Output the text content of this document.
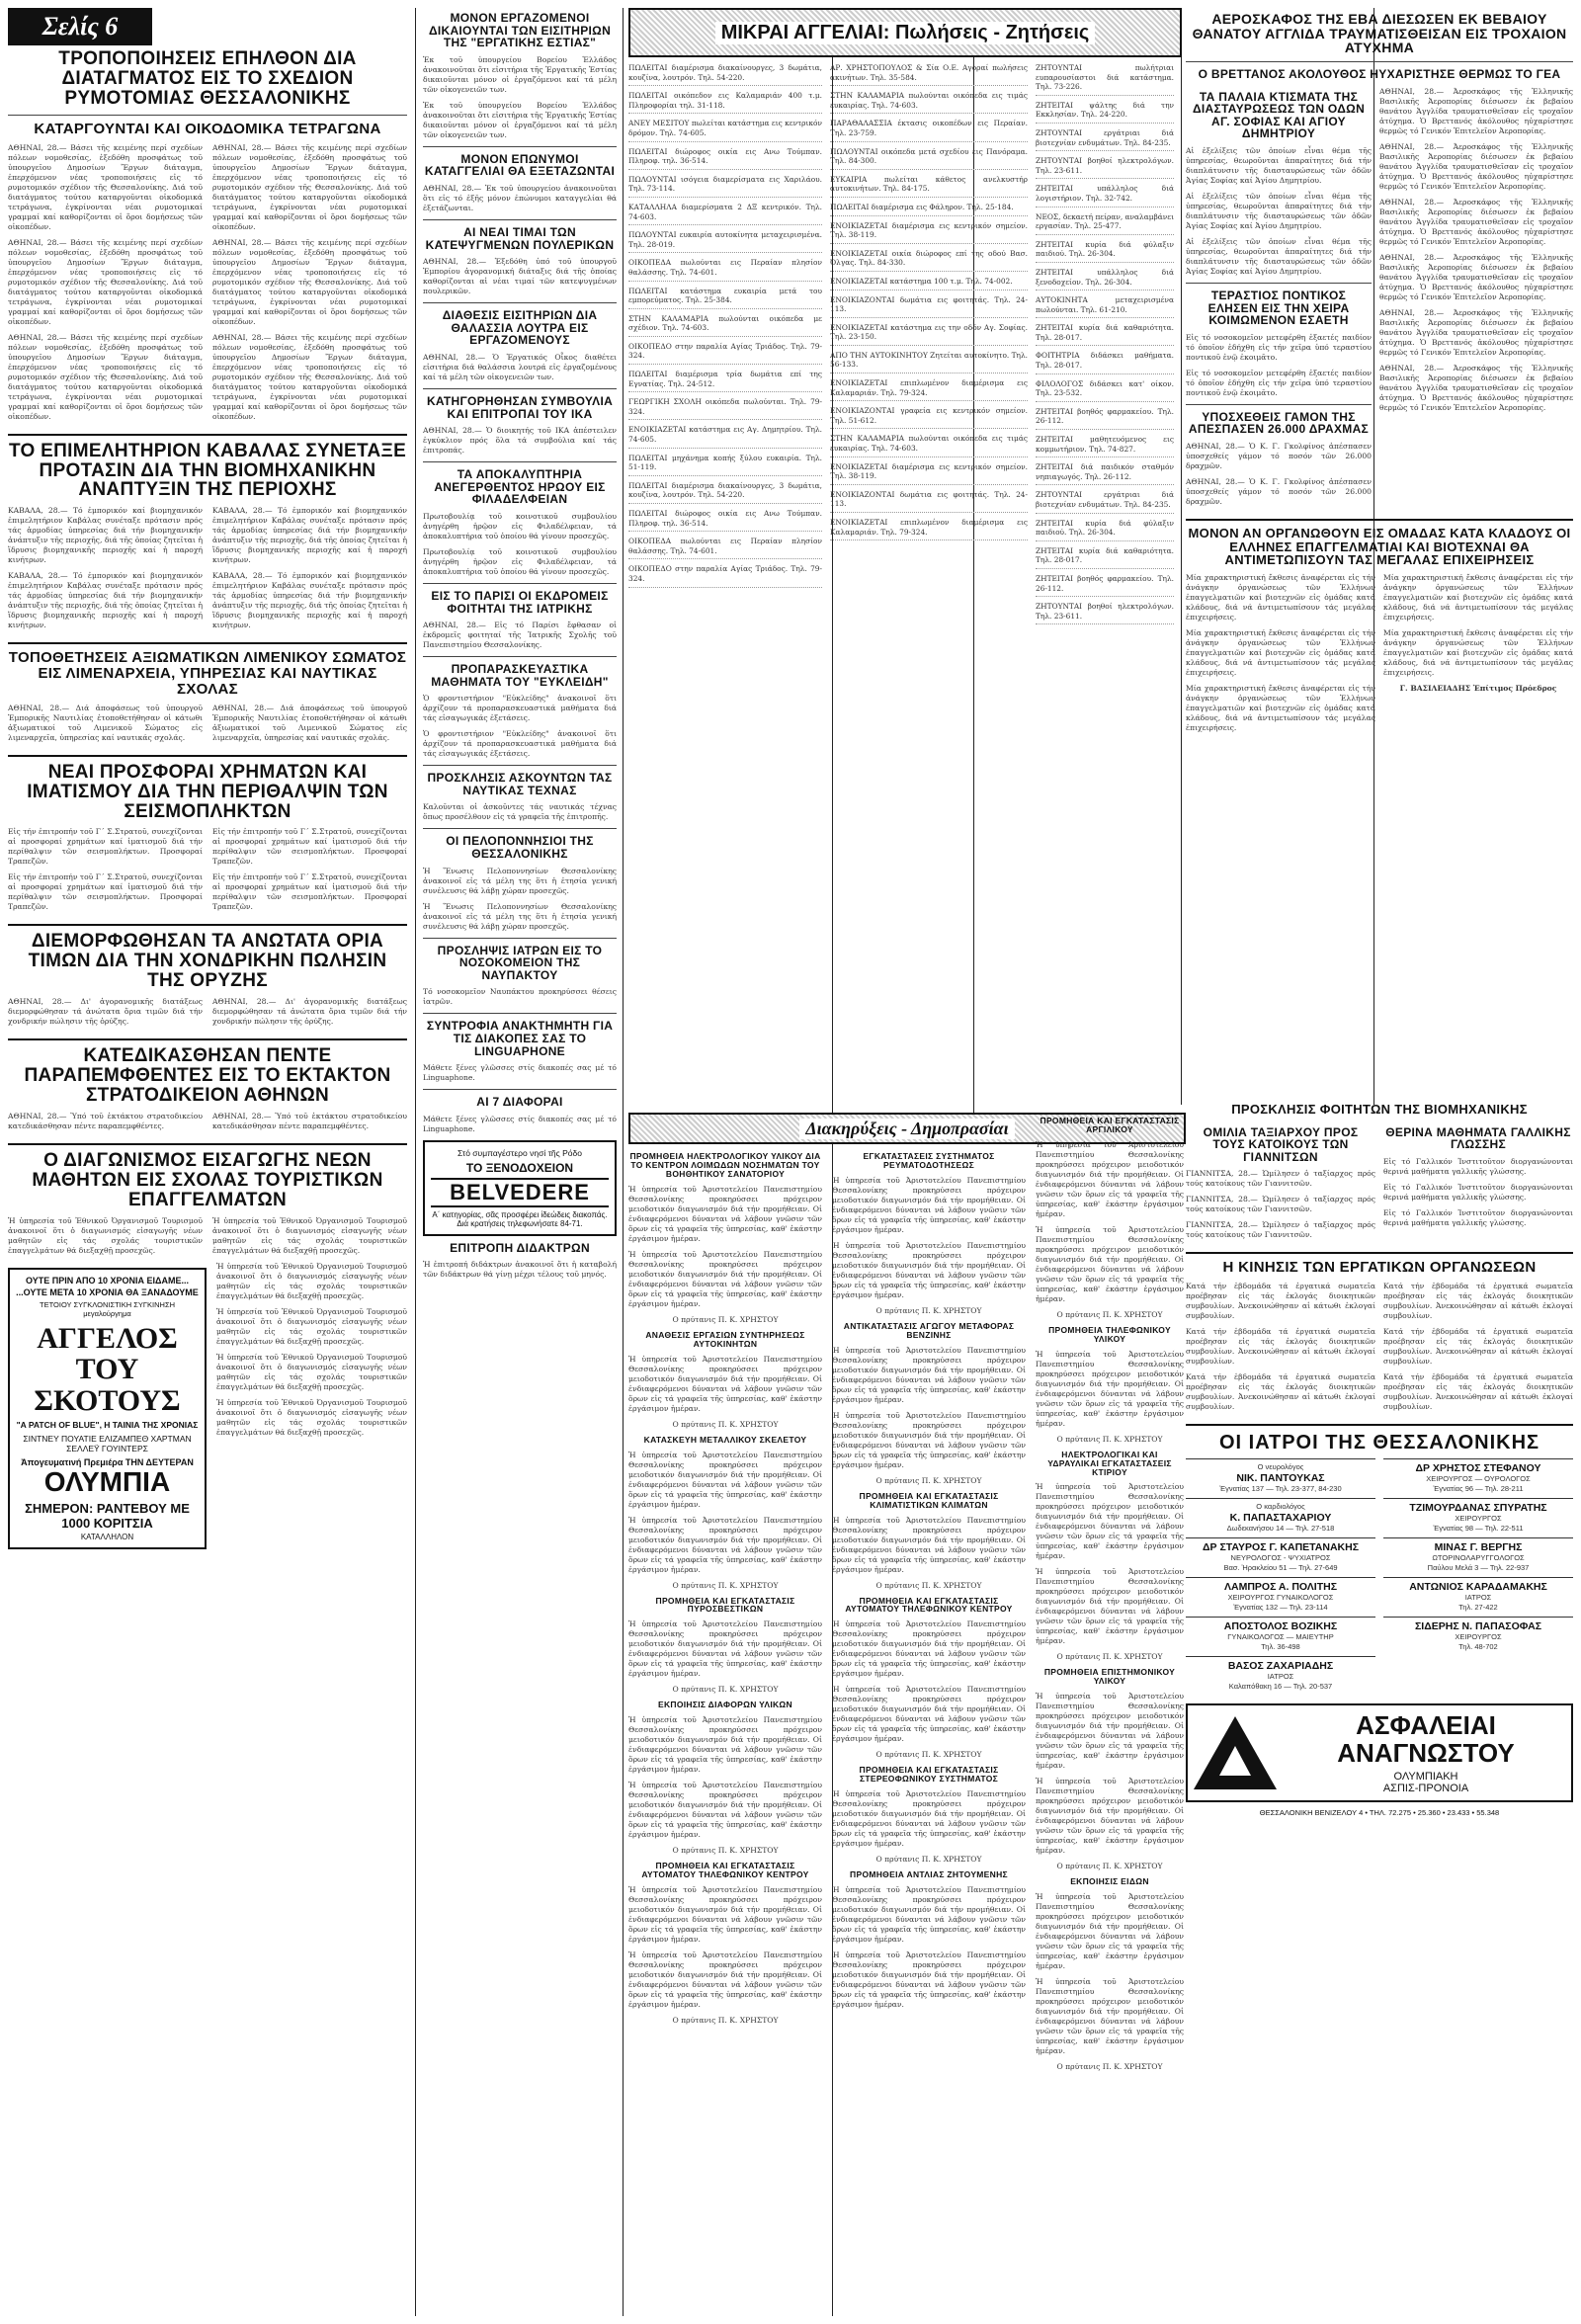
Σελίς 6
ΤΡΟΠΟΠΟΙΗΣΕΙΣ ΕΠΗΛΘΟΝ ΔΙΑ ΔΙΑΤΑΓΜΑΤΟΣ ΕΙΣ ΤΟ ΣΧΕΔΙΟΝ ΡΥΜΟΤΟΜΙΑΣ ΘΕΣΣΑΛΟΝΙΚΗΣ
ΚΑΤΑΡΓΟΥΝΤΑΙ ΚΑΙ ΟΙΚΟΔΟΜΙΚΑ ΤΕΤΡΑΓΩΝΑ

ΑΘΗΝΑΙ, 28.— Βάσει τῆς κειμένης περί σχεδίων πόλεων νομοθεσίας, ἐξεδόθη προσφάτως τοῦ ὑπουργεῖου Δημοσίων Ἔργων διάταγμα, ἐπερχόμενον νέας τροποποιήσεις εἰς τό ρυμοτομικόν σχέδιον τῆς Θεσσαλονίκης. Διά τοῦ διατάγματος τούτου καταργοῦνται οἰκοδομικά τετράγωνα, ἐγκρίνονται νέαι ρυμοτομικαί γραμμαί καί καθορίζονται οἱ ὅροι δομήσεως τῶν οἰκοπέδων.

ΑΘΗΝΑΙ, 28.— Βάσει τῆς κειμένης περί σχεδίων πόλεων νομοθεσίας, ἐξεδόθη προσφάτως τοῦ ὑπουργεῖου Δημοσίων Ἔργων διάταγμα, ἐπερχόμενον νέας τροποποιήσεις εἰς τό ρυμοτομικόν σχέδιον τῆς Θεσσαλονίκης. Διά τοῦ διατάγματος τούτου καταργοῦνται οἰκοδομικά τετράγωνα, ἐγκρίνονται νέαι ρυμοτομικαί γραμμαί καί καθορίζονται οἱ ὅροι δομήσεως τῶν οἰκοπέδων.

ΑΘΗΝΑΙ, 28.— Βάσει τῆς κειμένης περί σχεδίων πόλεων νομοθεσίας, ἐξεδόθη προσφάτως τοῦ ὑπουργεῖου Δημοσίων Ἔργων διάταγμα, ἐπερχόμενον νέας τροποποιήσεις εἰς τό ρυμοτομικόν σχέδιον τῆς Θεσσαλονίκης. Διά τοῦ διατάγματος τούτου καταργοῦνται οἰκοδομικά τετράγωνα, ἐγκρίνονται νέαι ρυμοτομικαί γραμμαί καί καθορίζονται οἱ ὅροι δομήσεως τῶν οἰκοπέδων.

ΑΘΗΝΑΙ, 28.— Βάσει τῆς κειμένης περί σχεδίων πόλεων νομοθεσίας, ἐξεδόθη προσφάτως τοῦ ὑπουργεῖου Δημοσίων Ἔργων διάταγμα, ἐπερχόμενον νέας τροποποιήσεις εἰς τό ρυμοτομικόν σχέδιον τῆς Θεσσαλονίκης. Διά τοῦ διατάγματος τούτου καταργοῦνται οἰκοδομικά τετράγωνα, ἐγκρίνονται νέαι ρυμοτομικαί γραμμαί καί καθορίζονται οἱ ὅροι δομήσεως τῶν οἰκοπέδων.

ΑΘΗΝΑΙ, 28.— Βάσει τῆς κειμένης περί σχεδίων πόλεων νομοθεσίας, ἐξεδόθη προσφάτως τοῦ ὑπουργεῖου Δημοσίων Ἔργων διάταγμα, ἐπερχόμενον νέας τροποποιήσεις εἰς τό ρυμοτομικόν σχέδιον τῆς Θεσσαλονίκης. Διά τοῦ διατάγματος τούτου καταργοῦνται οἰκοδομικά τετράγωνα, ἐγκρίνονται νέαι ρυμοτομικαί γραμμαί καί καθορίζονται οἱ ὅροι δομήσεως τῶν οἰκοπέδων.

ΑΘΗΝΑΙ, 28.— Βάσει τῆς κειμένης περί σχεδίων πόλεων νομοθεσίας, ἐξεδόθη προσφάτως τοῦ ὑπουργεῖου Δημοσίων Ἔργων διάταγμα, ἐπερχόμενον νέας τροποποιήσεις εἰς τό ρυμοτομικόν σχέδιον τῆς Θεσσαλονίκης. Διά τοῦ διατάγματος τούτου καταργοῦνται οἰκοδομικά τετράγωνα, ἐγκρίνονται νέαι ρυμοτομικαί γραμμαί καί καθορίζονται οἱ ὅροι δομήσεως τῶν οἰκοπέδων.

ΤΟ ΕΠΙΜΕΛΗΤΗΡΙΟΝ ΚΑΒΑΛΑΣ ΣΥΝΕΤΑΞΕ ΠΡΟΤΑΣΙΝ ΔΙΑ ΤΗΝ ΒΙΟΜΗΧΑΝΙΚΗΝ ΑΝΑΠΤΥΞΙΝ ΤΗΣ ΠΕΡΙΟΧΗΣ

ΚΑΒΑΛΑ, 28.— Τό ἐμπορικόν καί βιομηχανικόν ἐπιμελητήριον Καβάλας συνέταξε πρότασιν πρός τάς ἁρμοδίας ὑπηρεσίας διά τήν βιομηχανικήν ἀνάπτυξιν τῆς περιοχῆς, διά τῆς ὁποίας ζητεῖται ἡ ἵδρυσις βιομηχανικῆς περιοχῆς καί ἡ παροχή κινήτρων.

ΚΑΒΑΛΑ, 28.— Τό ἐμπορικόν καί βιομηχανικόν ἐπιμελητήριον Καβάλας συνέταξε πρότασιν πρός τάς ἁρμοδίας ὑπηρεσίας διά τήν βιομηχανικήν ἀνάπτυξιν τῆς περιοχῆς, διά τῆς ὁποίας ζητεῖται ἡ ἵδρυσις βιομηχανικῆς περιοχῆς καί ἡ παροχή κινήτρων.

ΚΑΒΑΛΑ, 28.— Τό ἐμπορικόν καί βιομηχανικόν ἐπιμελητήριον Καβάλας συνέταξε πρότασιν πρός τάς ἁρμοδίας ὑπηρεσίας διά τήν βιομηχανικήν ἀνάπτυξιν τῆς περιοχῆς, διά τῆς ὁποίας ζητεῖται ἡ ἵδρυσις βιομηχανικῆς περιοχῆς καί ἡ παροχή κινήτρων.

ΚΑΒΑΛΑ, 28.— Τό ἐμπορικόν καί βιομηχανικόν ἐπιμελητήριον Καβάλας συνέταξε πρότασιν πρός τάς ἁρμοδίας ὑπηρεσίας διά τήν βιομηχανικήν ἀνάπτυξιν τῆς περιοχῆς, διά τῆς ὁποίας ζητεῖται ἡ ἵδρυσις βιομηχανικῆς περιοχῆς καί ἡ παροχή κινήτρων.

ΤΟΠΟΘΕΤΗΣΕΙΣ ΑΞΙΩΜΑΤΙΚΩΝ ΛΙΜΕΝΙΚΟΥ ΣΩΜΑΤΟΣ ΕΙΣ ΛΙΜΕΝΑΡΧΕΙΑ, ΥΠΗΡΕΣΙΑΣ ΚΑΙ ΝΑΥΤΙΚΑΣ ΣΧΟΛΑΣ

ΑΘΗΝΑΙ, 28.— Διά ἀποφάσεως τοῦ ὑπουργοῦ Ἐμπορικῆς Ναυτιλίας ἐτοποθετήθησαν οἱ κάτωθι ἀξιωματικοί τοῦ Λιμενικοῦ Σώματος εἰς λιμεναρχεῖα, ὑπηρεσίας καί ναυτικάς σχολάς.

ΑΘΗΝΑΙ, 28.— Διά ἀποφάσεως τοῦ ὑπουργοῦ Ἐμπορικῆς Ναυτιλίας ἐτοποθετήθησαν οἱ κάτωθι ἀξιωματικοί τοῦ Λιμενικοῦ Σώματος εἰς λιμεναρχεῖα, ὑπηρεσίας καί ναυτικάς σχολάς.

ΝΕΑΙ ΠΡΟΣΦΟΡΑΙ ΧΡΗΜΑΤΩΝ ΚΑΙ ΙΜΑΤΙΣΜΟΥ ΔΙΑ ΤΗΝ ΠΕΡΙΘΑΛΨΙΝ ΤΩΝ ΣΕΙΣΜΟΠΛΗΚΤΩΝ

Εἰς τήν ἐπιτροπήν τοῦ Γ΄ Σ.Στρατοῦ, συνεχίζονται αἱ προσφοραί χρημάτων καί ἱματισμοῦ διά τήν περίθαλψιν τῶν σεισμοπλήκτων. Προσφοραί Τραπεζῶν.

Εἰς τήν ἐπιτροπήν τοῦ Γ΄ Σ.Στρατοῦ, συνεχίζονται αἱ προσφοραί χρημάτων καί ἱματισμοῦ διά τήν περίθαλψιν τῶν σεισμοπλήκτων. Προσφοραί Τραπεζῶν.

Εἰς τήν ἐπιτροπήν τοῦ Γ΄ Σ.Στρατοῦ, συνεχίζονται αἱ προσφοραί χρημάτων καί ἱματισμοῦ διά τήν περίθαλψιν τῶν σεισμοπλήκτων. Προσφοραί Τραπεζῶν.

Εἰς τήν ἐπιτροπήν τοῦ Γ΄ Σ.Στρατοῦ, συνεχίζονται αἱ προσφοραί χρημάτων καί ἱματισμοῦ διά τήν περίθαλψιν τῶν σεισμοπλήκτων. Προσφοραί Τραπεζῶν.

ΔΙΕΜΟΡΦΩΘΗΣΑΝ ΤΑ ΑΝΩΤΑΤΑ ΟΡΙΑ ΤΙΜΩΝ ΔΙΑ ΤΗΝ ΧΟΝΔΡΙΚΗΝ ΠΩΛΗΣΙΝ ΤΗΣ ΟΡΥΖΗΣ

ΑΘΗΝΑΙ, 28.— Δι' ἀγορανομικῆς διατάξεως διεμορφώθησαν τά ἀνώτατα ὅρια τιμῶν διά τήν χονδρικήν πώλησιν τῆς ὀρύζης.

ΑΘΗΝΑΙ, 28.— Δι' ἀγορανομικῆς διατάξεως διεμορφώθησαν τά ἀνώτατα ὅρια τιμῶν διά τήν χονδρικήν πώλησιν τῆς ὀρύζης.

ΚΑΤΕΔΙΚΑΣΘΗΣΑΝ ΠΕΝΤΕ ΠΑΡΑΠΕΜΦΘΕΝΤΕΣ ΕΙΣ ΤΟ ΕΚΤΑΚΤΟΝ ΣΤΡΑΤΟΔΙΚΕΙΟΝ ΑΘΗΝΩΝ

ΑΘΗΝΑΙ, 28.— Ὑπό τοῦ ἐκτάκτου στρατοδικείου κατεδικάσθησαν πέντε παραπεμφθέντες.

ΑΘΗΝΑΙ, 28.— Ὑπό τοῦ ἐκτάκτου στρατοδικείου κατεδικάσθησαν πέντε παραπεμφθέντες.

Ο ΔΙΑΓΩΝΙΣΜΟΣ ΕΙΣΑΓΩΓΗΣ ΝΕΩΝ ΜΑΘΗΤΩΝ ΕΙΣ ΣΧΟΛΑΣ ΤΟΥΡΙΣΤΙΚΩΝ ΕΠΑΓΓΕΛΜΑΤΩΝ

Ἡ ὑπηρεσία τοῦ Ἐθνικοῦ Ὀργανισμοῦ Τουρισμοῦ ἀνακοινοῖ ὅτι ὁ διαγωνισμός εἰσαγωγῆς νέων μαθητῶν εἰς τάς σχολάς τουριστικῶν ἐπαγγελμάτων θά διεξαχθῇ προσεχῶς.

Ἡ ὑπηρεσία τοῦ Ἐθνικοῦ Ὀργανισμοῦ Τουρισμοῦ ἀνακοινοῖ ὅτι ὁ διαγωνισμός εἰσαγωγῆς νέων μαθητῶν εἰς τάς σχολάς τουριστικῶν ἐπαγγελμάτων θά διεξαχθῇ προσεχῶς.

ΟΥΤΕ ΠΡΙΝ ΑΠΟ 10 ΧΡΟΝΙΑ ΕΙΔΑΜΕ...
...ΟΥΤΕ ΜΕΤΑ 10 ΧΡΟΝΙΑ ΘΑ ΞΑΝΑΔΟΥΜΕ
ΤΕΤΟΙΟΥ ΣΥΓΚΛΟΝΙΣΤΙΚΗ ΣΥΓΚΙΝΗΣΗ μεγαλούργημα
ΑΓΓΕΛΟΣ
ΤΟΥ ΣΚΟΤΟΥΣ
"A PATCH OF BLUE", Η ΤΑΙΝΙΑ ΤΗΣ ΧΡΟΝΙΑΣ
ΣΙΝΤΝΕΥ ΠΟΥΑΤΙΕ ΕΛΙΖΑΜΠΕΘ ΧΑΡΤΜΑΝ ΣΕΛΛΕΫ ΓΟΥΙΝΤΕΡΣ
Ἀπογευματινή Πρεμιέρα ΤΗΝ ΔΕΥΤΕΡΑΝ
ΟΛΥΜΠΙΑ
ΣΗΜΕΡΟΝ: ΡΑΝΤΕΒΟΥ ΜΕ 1000 ΚΟΡΙΤΣΙΑ
ΚΑΤΑΛΛΗΛΟΝ

Ἡ ὑπηρεσία τοῦ Ἐθνικοῦ Ὀργανισμοῦ Τουρισμοῦ ἀνακοινοῖ ὅτι ὁ διαγωνισμός εἰσαγωγῆς νέων μαθητῶν εἰς τάς σχολάς τουριστικῶν ἐπαγγελμάτων θά διεξαχθῇ προσεχῶς.

Ἡ ὑπηρεσία τοῦ Ἐθνικοῦ Ὀργανισμοῦ Τουρισμοῦ ἀνακοινοῖ ὅτι ὁ διαγωνισμός εἰσαγωγῆς νέων μαθητῶν εἰς τάς σχολάς τουριστικῶν ἐπαγγελμάτων θά διεξαχθῇ προσεχῶς.

Ἡ ὑπηρεσία τοῦ Ἐθνικοῦ Ὀργανισμοῦ Τουρισμοῦ ἀνακοινοῖ ὅτι ὁ διαγωνισμός εἰσαγωγῆς νέων μαθητῶν εἰς τάς σχολάς τουριστικῶν ἐπαγγελμάτων θά διεξαχθῇ προσεχῶς.

Ἡ ὑπηρεσία τοῦ Ἐθνικοῦ Ὀργανισμοῦ Τουρισμοῦ ἀνακοινοῖ ὅτι ὁ διαγωνισμός εἰσαγωγῆς νέων μαθητῶν εἰς τάς σχολάς τουριστικῶν ἐπαγγελμάτων θά διεξαχθῇ προσεχῶς.

ΜΟΝΟΝ ΕΡΓΑΖΟΜΕΝΟΙ ΔΙΚΑΙΟΥΝΤΑΙ ΤΩΝ ΕΙΣΙΤΗΡΙΩΝ ΤΗΣ "ΕΡΓΑΤΙΚΗΣ ΕΣΤΙΑΣ"

Ἐκ τοῦ ὑπουργείου Βορείου Ἑλλάδος ἀνακοινοῦται ὅτι εἰσιτήρια τῆς Ἐργατικῆς Ἑστίας δικαιοῦνται μόνον οἱ ἐργαζόμενοι καί τά μέλη τῶν οἰκογενειῶν των.

Ἐκ τοῦ ὑπουργείου Βορείου Ἑλλάδος ἀνακοινοῦται ὅτι εἰσιτήρια τῆς Ἐργατικῆς Ἑστίας δικαιοῦνται μόνον οἱ ἐργαζόμενοι καί τά μέλη τῶν οἰκογενειῶν των.

ΜΟΝΟΝ ΕΠΩΝΥΜΟΙ ΚΑΤΑΓΓΕΛΙΑΙ ΘΑ ΕΞΕΤΑΖΩΝΤΑΙ

ΑΘΗΝΑΙ, 28.— Ἐκ τοῦ ὑπουργείου ἀνακοινοῦται ὅτι εἰς τό ἑξῆς μόνον ἐπώνυμοι καταγγελίαι θά ἐξετάζωνται.

ΑΙ ΝΕΑΙ ΤΙΜΑΙ ΤΩΝ ΚΑΤΕΨΥΓΜΕΝΩΝ ΠΟΥΛΕΡΙΚΩΝ

ΑΘΗΝΑΙ, 28.— Ἐξεδόθη ὑπό τοῦ ὑπουργοῦ Ἐμπορίου ἀγορανομική διάταξις διά τῆς ὁποίας καθορίζονται αἱ νέαι τιμαί τῶν κατεψυγμένων πουλερικῶν.

ΔΙΑΘΕΣΙΣ ΕΙΣΙΤΗΡΙΩΝ ΔΙΑ ΘΑΛΑΣΣΙΑ ΛΟΥΤΡΑ ΕΙΣ ΕΡΓΑΖΟΜΕΝΟΥΣ

ΑΘΗΝΑΙ, 28.— Ὁ Ἐργατικός Οἶκος διαθέτει εἰσιτήρια διά θαλάσσια λουτρά εἰς ἐργαζομένους καί τά μέλη τῶν οἰκογενειῶν των.

ΚΑΤΗΓΟΡΗΘΗΣΑΝ ΣΥΜΒΟΥΛΙΑ ΚΑΙ ΕΠΙΤΡΟΠΑΙ ΤΟΥ ΙΚΑ

ΑΘΗΝΑΙ, 28.— Ὁ διοικητής τοῦ ΙΚΑ ἀπέστειλεν ἐγκύκλιον πρός ὅλα τά συμβούλια καί τάς ἐπιτροπάς.

ΤΑ ΑΠΟΚΑΛΥΠΤΗΡΙΑ ΑΝΕΓΕΡΘΕΝΤΟΣ ΗΡΩΟΥ ΕΙΣ ΦΙΛΑΔΕΛΦΕΙΑΝ

Πρωτοβουλίᾳ τοῦ κοινοτικοῦ συμβουλίου ἀνηγέρθη ἡρῷον εἰς Φιλαδέλφειαν, τά ἀποκαλυπτήρια τοῦ ὁποίου θά γίνουν προσεχῶς.

Πρωτοβουλίᾳ τοῦ κοινοτικοῦ συμβουλίου ἀνηγέρθη ἡρῷον εἰς Φιλαδέλφειαν, τά ἀποκαλυπτήρια τοῦ ὁποίου θά γίνουν προσεχῶς.

ΕΙΣ ΤΟ ΠΑΡΙΣΙ ΟΙ ΕΚΔΡΟΜΕΙΣ ΦΟΙΤΗΤΑΙ ΤΗΣ ΙΑΤΡΙΚΗΣ

ΑΘΗΝΑΙ, 28.— Εἰς τό Παρίσι ἔφθασαν οἱ ἐκδρομεῖς φοιτηταί τῆς Ἰατρικῆς Σχολῆς τοῦ Πανεπιστημίου Θεσσαλονίκης.

ΠΡΟΠΑΡΑΣΚΕΥΑΣΤΙΚΑ ΜΑΘΗΜΑΤΑ ΤΟΥ "ΕΥΚΛΕΙΔΗ"

Ὁ φροντιστήριον "Εὐκλείδης" ἀνακοινοῖ ὅτι ἀρχίζουν τά προπαρασκευαστικά μαθήματα διά τάς εἰσαγωγικάς ἐξετάσεις.

Ὁ φροντιστήριον "Εὐκλείδης" ἀνακοινοῖ ὅτι ἀρχίζουν τά προπαρασκευαστικά μαθήματα διά τάς εἰσαγωγικάς ἐξετάσεις.

ΠΡΟΣΚΛΗΣΙΣ ΑΣΚΟΥΝΤΩΝ ΤΑΣ ΝΑΥΤΙΚΑΣ ΤΕΧΝΑΣ

Καλοῦνται οἱ ἀσκοῦντες τάς ναυτικάς τέχνας ὅπως προσέλθουν εἰς τά γραφεῖα τῆς ἐπιτροπῆς.

ΟΙ ΠΕΛΟΠΟΝΝΗΣΙΟΙ ΤΗΣ ΘΕΣΣΑΛΟΝΙΚΗΣ

Ἡ Ἕνωσις Πελοποννησίων Θεσσαλονίκης ἀνακοινοῖ εἰς τά μέλη της ὅτι ἡ ἐτησία γενική συνέλευσις θά λάβῃ χώραν προσεχῶς.

Ἡ Ἕνωσις Πελοποννησίων Θεσσαλονίκης ἀνακοινοῖ εἰς τά μέλη της ὅτι ἡ ἐτησία γενική συνέλευσις θά λάβῃ χώραν προσεχῶς.

ΠΡΟΣΛΗΨΙΣ ΙΑΤΡΩΝ ΕΙΣ ΤΟ ΝΟΣΟΚΟΜΕΙΟΝ ΤΗΣ ΝΑΥΠΑΚΤΟΥ

Τό νοσοκομεῖον Ναυπάκτου προκηρύσσει θέσεις ἰατρῶν.

ΣΥΝΤΡΟΦΙΑ ΑΝΑΚΤΗΜΗΤΗ ΓΙΑ ΤΙΣ ΔΙΑΚΟΠΕΣ ΣΑΣ ΤΟ LINGUAPHONE

Μάθετε ξένες γλῶσσες στίς διακοπές σας μέ τό Linguaphone.

ΑΙ 7 ΔΙΑΦΟΡΑΙ

Μάθετε ξένες γλῶσσες στίς διακοπές σας μέ τό Linguaphone.

Στό συμπαγέστερο νησί τῆς Ρόδο
ΤΟ ΞΕΝΟΔΟΧΕΙΟΝ
BELVEDERE
Α΄ κατηγορίας, σᾶς προσφέρει ἰδεώδεις διακοπάς. Διά κρατήσεις τηλεφωνήσατε 84-71.
ΕΠΙΤΡΟΠΗ ΔΙΔΑΚΤΡΩΝ

Ἡ ἐπιτροπή διδάκτρων ἀνακοινοῖ ὅτι ἡ καταβολή τῶν διδάκτρων θά γίνῃ μέχρι τέλους τοῦ μηνός.

ΜΙΚΡΑΙ ΑΓΓΕΛΙΑΙ: Πωλήσεις - Ζητήσεις

ΠΩΛΕΙΤΑΙ διαμέρισμα διακαίνουργες, 3 δωμάτια, κουζίνα, λουτρόν. Τηλ. 54-220.

ΠΩΛΕΙΤΑΙ οικόπεδον εις Καλαμαριάν 400 τ.μ. Πληροφορίαι τηλ. 31-118.

ΑΝΕΥ ΜΕΣΙΤΟΥ πωλείται κατάστημα εις κεντρικόν δρόμον. Τηλ. 74-605.

ΠΩΛΕΙΤΑΙ διώροφος οικία εις Ανω Τούμπαν. Πληροφ. τηλ. 36-514.

ΠΩΛΟΥΝΤΑΙ ισόγεια διαμερίσματα εις Χαριλάου. Τηλ. 73-114.

ΚΑΤΑΛΛΗΛΑ διαμερίσματα 2 ΔΞ κεντρικόν. Τηλ. 74-603.

ΠΩΛΟΥΝΤΑΙ ευκαιρία αυτοκίνητα μεταχειρισμένα. Τηλ. 28-019.

ΟΙΚΟΠΕΔΑ πωλούνται εις Περαίαν πλησίον θαλάσσης. Τηλ. 74-601.

ΠΩΛΕΙΤΑΙ κατάστημα ευκαιρία μετά του εμπορεύματος. Τηλ. 25-384.

ΣΤΗΝ ΚΑΛΑΜΑΡΙΑ πωλούνται οικόπεδα με σχέδιον. Τηλ. 74-603.

ΟΙΚΟΠΕΔΟ στην παραλία Αγίας Τριάδος. Τηλ. 79-324.

ΠΩΛΕΙΤΑΙ διαμέρισμα τρία δωμάτια επί της Εγνατίας. Τηλ. 24-512.

ΓΕΩΡΓΙΚΗ ΣΧΟΛΗ οικόπεδα πωλούνται. Τηλ. 79-324.

ΕΝΟΙΚΙΑΖΕΤΑΙ κατάστημα εις Αγ. Δημητρίου. Τηλ. 74-605.

ΠΩΛΕΙΤΑΙ μηχάνημα κοπής ξύλου ευκαιρία. Τηλ. 51-119.

ΠΩΛΕΙΤΑΙ διαμέρισμα διακαίνουργες, 3 δωμάτια, κουζίνα, λουτρόν. Τηλ. 54-220.

ΠΩΛΕΙΤΑΙ διώροφος οικία εις Ανω Τούμπαν. Πληροφ. τηλ. 36-514.

ΟΙΚΟΠΕΔΑ πωλούνται εις Περαίαν πλησίον θαλάσσης. Τηλ. 74-601.

ΟΙΚΟΠΕΔΟ στην παραλία Αγίας Τριάδος. Τηλ. 79-324.

ΑΡ. ΧΡΗΣΤΟΠΟΥΛΟΣ & Σία Ο.Ε. Αγοραί πωλήσεις ακινήτων. Τηλ. 35-584.

ΣΤΗΝ ΚΑΛΑΜΑΡΙΑ πωλούνται οικόπεδα εις τιμάς ευκαιρίας. Τηλ. 74-603.

ΠΑΡΑΘΑΛΑΣΣΙΑ έκτασις οικοπέδων εις Περαίαν. Τηλ. 23-759.

ΠΩΛΟΥΝΤΑΙ οικόπεδα μετά σχεδίου εις Πανόραμα. Τηλ. 84-300.

ΕΥΚΑΙΡΙΑ πωλείται κάθετος ανελκυστήρ αυτοκινήτων. Τηλ. 84-175.

ΠΩΛΕΙΤΑΙ διαμέρισμα εις Φάληρον. Τηλ. 25-184.

ΕΝΟΙΚΙΑΖΕΤΑΙ διαμέρισμα εις κεντρικόν σημείον. Τηλ. 38-119.

ΕΝΟΙΚΙΑΖΕΤΑΙ οικία διώροφος επί της οδού Βασ. Όλγας. Τηλ. 84-330.

ΕΝΟΙΚΙΑΖΕΤΑΙ κατάστημα 100 τ.μ. Τηλ. 74-002.

ΕΝΟΙΚΙΑΖΟΝΤΑΙ δωμάτια εις φοιτητάς. Τηλ. 24-113.

ΕΝΟΙΚΙΑΖΕΤΑΙ κατάστημα εις την οδόν Αγ. Σοφίας. Τηλ. 23-150.

ΑΠΟ ΤΗΝ ΑΥΤΟΚΙΝΗΤΟΥ Ζητείται αυτοκίνητο. Τηλ. 56-133.

ΕΝΟΙΚΙΑΖΕΤΑΙ επιπλωμένον διαμέρισμα εις Καλαμαριάν. Τηλ. 79-324.

ΕΝΟΙΚΙΑΖΟΝΤΑΙ γραφεία εις κεντρικόν σημείον. Τηλ. 51-612.

ΣΤΗΝ ΚΑΛΑΜΑΡΙΑ πωλούνται οικόπεδα εις τιμάς ευκαιρίας. Τηλ. 74-603.

ΕΝΟΙΚΙΑΖΕΤΑΙ διαμέρισμα εις κεντρικόν σημείον. Τηλ. 38-119.

ΕΝΟΙΚΙΑΖΟΝΤΑΙ δωμάτια εις φοιτητάς. Τηλ. 24-113.

ΕΝΟΙΚΙΑΖΕΤΑΙ επιπλωμένον διαμέρισμα εις Καλαμαριάν. Τηλ. 79-324.

ΖΗΤΟΥΝΤΑΙ πωλήτριαι ευπαρουσίαστοι διά κατάστημα. Τηλ. 73-226.

ΖΗΤΕΙΤΑΙ ψάλτης διά την Εκκλησίαν. Τηλ. 24-220.

ΖΗΤΟΥΝΤΑΙ εργάτριαι διά βιοτεχνίαν ενδυμάτων. Τηλ. 84-235.

ΖΗΤΟΥΝΤΑΙ βοηθοί ηλεκτρολόγων. Τηλ. 23-611.

ΖΗΤΕΙΤΑΙ υπάλληλος διά λογιστήριον. Τηλ. 32-742.

ΝΕΟΣ, δεκαετή πείραν, αναλαμβάνει εργασίαν. Τηλ. 25-477.

ΖΗΤΕΙΤΑΙ κυρία διά φύλαξιν παιδιού. Τηλ. 26-304.

ΖΗΤΕΙΤΑΙ υπάλληλος διά ξενοδοχείον. Τηλ. 26-304.

ΑΥΤΟΚΙΝΗΤΑ μεταχειρισμένα πωλούνται. Τηλ. 61-210.

ΖΗΤΕΙΤΑΙ κυρία διά καθαριότητα. Τηλ. 28-017.

ΦΟΙΤΗΤΡΙΑ διδάσκει μαθήματα. Τηλ. 28-017.

ΦΙΛΟΛΟΓΟΣ διδάσκει κατ' οίκον. Τηλ. 23-532.

ΖΗΤΕΙΤΑΙ βοηθός φαρμακείου. Τηλ. 26-112.

ΖΗΤΕΙΤΑΙ μαθητευόμενος εις κομμωτήριον. Τηλ. 74-827.

ΖΗΤΕΙΤΑΙ διά παιδικόν σταθμόν νηπιαγωγός. Τηλ. 26-112.

ΖΗΤΟΥΝΤΑΙ εργάτριαι διά βιοτεχνίαν ενδυμάτων. Τηλ. 84-235.

ΖΗΤΕΙΤΑΙ κυρία διά φύλαξιν παιδιού. Τηλ. 26-304.

ΖΗΤΕΙΤΑΙ κυρία διά καθαριότητα. Τηλ. 28-017.

ΖΗΤΕΙΤΑΙ βοηθός φαρμακείου. Τηλ. 26-112.

ΖΗΤΟΥΝΤΑΙ βοηθοί ηλεκτρολόγων. Τηλ. 23-611.

Διακηρύξεις - Δημοπρασίαι
ΠΡΟΜΗΘΕΙΑ ΗΛΕΚΤΡΟΛΟΓΙΚΟΥ ΥΛΙΚΟΥ ΔΙΑ ΤΟ ΚΕΝΤΡΟΝ ΛΟΙΜΩΔΩΝ ΝΟΣΗΜΑΤΩΝ ΤΟΥ ΒΟΗΘΗΤΙΚΟΥ ΣΑΝΑΤΟΡΙΟΥ

Ἡ ὑπηρεσία τοῦ Ἀριστοτελείου Πανεπιστημίου Θεσσαλονίκης προκηρύσσει πρόχειρον μειοδοτικόν διαγωνισμόν διά τήν προμήθειαν. Οἱ ἐνδιαφερόμενοι δύνανται νά λάβουν γνῶσιν τῶν ὅρων εἰς τά γραφεῖα τῆς ὑπηρεσίας, καθ' ἑκάστην ἐργάσιμον ἡμέραν.

Ἡ ὑπηρεσία τοῦ Ἀριστοτελείου Πανεπιστημίου Θεσσαλονίκης προκηρύσσει πρόχειρον μειοδοτικόν διαγωνισμόν διά τήν προμήθειαν. Οἱ ἐνδιαφερόμενοι δύνανται νά λάβουν γνῶσιν τῶν ὅρων εἰς τά γραφεῖα τῆς ὑπηρεσίας, καθ' ἑκάστην ἐργάσιμον ἡμέραν.

Ο πρύτανις Π. Κ. ΧΡΗΣΤΟΥ
ΑΝΑΘΕΣΙΣ ΕΡΓΑΣΙΩΝ ΣΥΝΤΗΡΗΣΕΩΣ ΑΥΤΟΚΙΝΗΤΩΝ

Ἡ ὑπηρεσία τοῦ Ἀριστοτελείου Πανεπιστημίου Θεσσαλονίκης προκηρύσσει πρόχειρον μειοδοτικόν διαγωνισμόν διά τήν προμήθειαν. Οἱ ἐνδιαφερόμενοι δύνανται νά λάβουν γνῶσιν τῶν ὅρων εἰς τά γραφεῖα τῆς ὑπηρεσίας, καθ' ἑκάστην ἐργάσιμον ἡμέραν.

Ο πρύτανις Π. Κ. ΧΡΗΣΤΟΥ
ΚΑΤΑΣΚΕΥΗ ΜΕΤΑΛΛΙΚΟΥ ΣΚΕΛΕΤΟΥ

Ἡ ὑπηρεσία τοῦ Ἀριστοτελείου Πανεπιστημίου Θεσσαλονίκης προκηρύσσει πρόχειρον μειοδοτικόν διαγωνισμόν διά τήν προμήθειαν. Οἱ ἐνδιαφερόμενοι δύνανται νά λάβουν γνῶσιν τῶν ὅρων εἰς τά γραφεῖα τῆς ὑπηρεσίας, καθ' ἑκάστην ἐργάσιμον ἡμέραν.

Ἡ ὑπηρεσία τοῦ Ἀριστοτελείου Πανεπιστημίου Θεσσαλονίκης προκηρύσσει πρόχειρον μειοδοτικόν διαγωνισμόν διά τήν προμήθειαν. Οἱ ἐνδιαφερόμενοι δύνανται νά λάβουν γνῶσιν τῶν ὅρων εἰς τά γραφεῖα τῆς ὑπηρεσίας, καθ' ἑκάστην ἐργάσιμον ἡμέραν.

Ο πρύτανις Π. Κ. ΧΡΗΣΤΟΥ
ΠΡΟΜΗΘΕΙΑ ΚΑΙ ΕΓΚΑΤΑΣΤΑΣΙΣ ΠΥΡΟΣΒΕΣΤΙΚΩΝ

Ἡ ὑπηρεσία τοῦ Ἀριστοτελείου Πανεπιστημίου Θεσσαλονίκης προκηρύσσει πρόχειρον μειοδοτικόν διαγωνισμόν διά τήν προμήθειαν. Οἱ ἐνδιαφερόμενοι δύνανται νά λάβουν γνῶσιν τῶν ὅρων εἰς τά γραφεῖα τῆς ὑπηρεσίας, καθ' ἑκάστην ἐργάσιμον ἡμέραν.

Ο πρύτανις Π. Κ. ΧΡΗΣΤΟΥ
ΕΚΠΟΙΗΣΙΣ ΔΙΑΦΟΡΩΝ ΥΛΙΚΩΝ

Ἡ ὑπηρεσία τοῦ Ἀριστοτελείου Πανεπιστημίου Θεσσαλονίκης προκηρύσσει πρόχειρον μειοδοτικόν διαγωνισμόν διά τήν προμήθειαν. Οἱ ἐνδιαφερόμενοι δύνανται νά λάβουν γνῶσιν τῶν ὅρων εἰς τά γραφεῖα τῆς ὑπηρεσίας, καθ' ἑκάστην ἐργάσιμον ἡμέραν.

Ἡ ὑπηρεσία τοῦ Ἀριστοτελείου Πανεπιστημίου Θεσσαλονίκης προκηρύσσει πρόχειρον μειοδοτικόν διαγωνισμόν διά τήν προμήθειαν. Οἱ ἐνδιαφερόμενοι δύνανται νά λάβουν γνῶσιν τῶν ὅρων εἰς τά γραφεῖα τῆς ὑπηρεσίας, καθ' ἑκάστην ἐργάσιμον ἡμέραν.

Ο πρύτανις Π. Κ. ΧΡΗΣΤΟΥ
ΠΡΟΜΗΘΕΙΑ ΚΑΙ ΕΓΚΑΤΑΣΤΑΣΙΣ ΑΥΤΟΜΑΤΟΥ ΤΗΛΕΦΩΝΙΚΟΥ ΚΕΝΤΡΟΥ

Ἡ ὑπηρεσία τοῦ Ἀριστοτελείου Πανεπιστημίου Θεσσαλονίκης προκηρύσσει πρόχειρον μειοδοτικόν διαγωνισμόν διά τήν προμήθειαν. Οἱ ἐνδιαφερόμενοι δύνανται νά λάβουν γνῶσιν τῶν ὅρων εἰς τά γραφεῖα τῆς ὑπηρεσίας, καθ' ἑκάστην ἐργάσιμον ἡμέραν.

Ἡ ὑπηρεσία τοῦ Ἀριστοτελείου Πανεπιστημίου Θεσσαλονίκης προκηρύσσει πρόχειρον μειοδοτικόν διαγωνισμόν διά τήν προμήθειαν. Οἱ ἐνδιαφερόμενοι δύνανται νά λάβουν γνῶσιν τῶν ὅρων εἰς τά γραφεῖα τῆς ὑπηρεσίας, καθ' ἑκάστην ἐργάσιμον ἡμέραν.

Ο πρύτανις Π. Κ. ΧΡΗΣΤΟΥ
ΕΓΚΑΤΑΣΤΑΣΕΙΣ ΣΥΣΤΗΜΑΤΟΣ ΡΕΥΜΑΤΟΔΟΤΗΣΕΩΣ

Ἡ ὑπηρεσία τοῦ Ἀριστοτελείου Πανεπιστημίου Θεσσαλονίκης προκηρύσσει πρόχειρον μειοδοτικόν διαγωνισμόν διά τήν προμήθειαν. Οἱ ἐνδιαφερόμενοι δύνανται νά λάβουν γνῶσιν τῶν ὅρων εἰς τά γραφεῖα τῆς ὑπηρεσίας, καθ' ἑκάστην ἐργάσιμον ἡμέραν.

Ἡ ὑπηρεσία τοῦ Ἀριστοτελείου Πανεπιστημίου Θεσσαλονίκης προκηρύσσει πρόχειρον μειοδοτικόν διαγωνισμόν διά τήν προμήθειαν. Οἱ ἐνδιαφερόμενοι δύνανται νά λάβουν γνῶσιν τῶν ὅρων εἰς τά γραφεῖα τῆς ὑπηρεσίας, καθ' ἑκάστην ἐργάσιμον ἡμέραν.

Ο πρύτανις Π. Κ. ΧΡΗΣΤΟΥ
ΑΝΤΙΚΑΤΑΣΤΑΣΙΣ ΑΓΩΓΟΥ ΜΕΤΑΦΟΡΑΣ ΒΕΝΖΙΝΗΣ

Ἡ ὑπηρεσία τοῦ Ἀριστοτελείου Πανεπιστημίου Θεσσαλονίκης προκηρύσσει πρόχειρον μειοδοτικόν διαγωνισμόν διά τήν προμήθειαν. Οἱ ἐνδιαφερόμενοι δύνανται νά λάβουν γνῶσιν τῶν ὅρων εἰς τά γραφεῖα τῆς ὑπηρεσίας, καθ' ἑκάστην ἐργάσιμον ἡμέραν.

Ἡ ὑπηρεσία τοῦ Ἀριστοτελείου Πανεπιστημίου Θεσσαλονίκης προκηρύσσει πρόχειρον μειοδοτικόν διαγωνισμόν διά τήν προμήθειαν. Οἱ ἐνδιαφερόμενοι δύνανται νά λάβουν γνῶσιν τῶν ὅρων εἰς τά γραφεῖα τῆς ὑπηρεσίας, καθ' ἑκάστην ἐργάσιμον ἡμέραν.

Ο πρύτανις Π. Κ. ΧΡΗΣΤΟΥ
ΠΡΟΜΗΘΕΙΑ ΚΑΙ ΕΓΚΑΤΑΣΤΑΣΙΣ ΚΛΙΜΑΤΙΣΤΙΚΩΝ ΚΛΙΜΑΤΩΝ

Ἡ ὑπηρεσία τοῦ Ἀριστοτελείου Πανεπιστημίου Θεσσαλονίκης προκηρύσσει πρόχειρον μειοδοτικόν διαγωνισμόν διά τήν προμήθειαν. Οἱ ἐνδιαφερόμενοι δύνανται νά λάβουν γνῶσιν τῶν ὅρων εἰς τά γραφεῖα τῆς ὑπηρεσίας, καθ' ἑκάστην ἐργάσιμον ἡμέραν.

Ο πρύτανις Π. Κ. ΧΡΗΣΤΟΥ
ΠΡΟΜΗΘΕΙΑ ΚΑΙ ΕΓΚΑΤΑΣΤΑΣΙΣ ΑΥΤΟΜΑΤΟΥ ΤΗΛΕΦΩΝΙΚΟΥ ΚΕΝΤΡΟΥ

Ἡ ὑπηρεσία τοῦ Ἀριστοτελείου Πανεπιστημίου Θεσσαλονίκης προκηρύσσει πρόχειρον μειοδοτικόν διαγωνισμόν διά τήν προμήθειαν. Οἱ ἐνδιαφερόμενοι δύνανται νά λάβουν γνῶσιν τῶν ὅρων εἰς τά γραφεῖα τῆς ὑπηρεσίας, καθ' ἑκάστην ἐργάσιμον ἡμέραν.

Ἡ ὑπηρεσία τοῦ Ἀριστοτελείου Πανεπιστημίου Θεσσαλονίκης προκηρύσσει πρόχειρον μειοδοτικόν διαγωνισμόν διά τήν προμήθειαν. Οἱ ἐνδιαφερόμενοι δύνανται νά λάβουν γνῶσιν τῶν ὅρων εἰς τά γραφεῖα τῆς ὑπηρεσίας, καθ' ἑκάστην ἐργάσιμον ἡμέραν.

Ο πρύτανις Π. Κ. ΧΡΗΣΤΟΥ
ΠΡΟΜΗΘΕΙΑ ΚΑΙ ΕΓΚΑΤΑΣΤΑΣΙΣ ΣΤΕΡΕΟΦΩΝΙΚΟΥ ΣΥΣΤΗΜΑΤΟΣ

Ἡ ὑπηρεσία τοῦ Ἀριστοτελείου Πανεπιστημίου Θεσσαλονίκης προκηρύσσει πρόχειρον μειοδοτικόν διαγωνισμόν διά τήν προμήθειαν. Οἱ ἐνδιαφερόμενοι δύνανται νά λάβουν γνῶσιν τῶν ὅρων εἰς τά γραφεῖα τῆς ὑπηρεσίας, καθ' ἑκάστην ἐργάσιμον ἡμέραν.

Ο πρύτανις Π. Κ. ΧΡΗΣΤΟΥ
ΠΡΟΜΗΘΕΙΑ ΑΝΤΛΙΑΣ ΖΗΤΟΥΜΕΝΗΣ

Ἡ ὑπηρεσία τοῦ Ἀριστοτελείου Πανεπιστημίου Θεσσαλονίκης προκηρύσσει πρόχειρον μειοδοτικόν διαγωνισμόν διά τήν προμήθειαν. Οἱ ἐνδιαφερόμενοι δύνανται νά λάβουν γνῶσιν τῶν ὅρων εἰς τά γραφεῖα τῆς ὑπηρεσίας, καθ' ἑκάστην ἐργάσιμον ἡμέραν.

Ἡ ὑπηρεσία τοῦ Ἀριστοτελείου Πανεπιστημίου Θεσσαλονίκης προκηρύσσει πρόχειρον μειοδοτικόν διαγωνισμόν διά τήν προμήθειαν. Οἱ ἐνδιαφερόμενοι δύνανται νά λάβουν γνῶσιν τῶν ὅρων εἰς τά γραφεῖα τῆς ὑπηρεσίας, καθ' ἑκάστην ἐργάσιμον ἡμέραν.

ΠΡΟΜΗΘΕΙΑ ΚΑΙ ΕΓΚΑΤΑΣΤΑΣΙΣ ΑΡΓΙΛΙΚΟΥ

Ἡ ὑπηρεσία τοῦ Ἀριστοτελείου Πανεπιστημίου Θεσσαλονίκης προκηρύσσει πρόχειρον μειοδοτικόν διαγωνισμόν διά τήν προμήθειαν. Οἱ ἐνδιαφερόμενοι δύνανται νά λάβουν γνῶσιν τῶν ὅρων εἰς τά γραφεῖα τῆς ὑπηρεσίας, καθ' ἑκάστην ἐργάσιμον ἡμέραν.

Ἡ ὑπηρεσία τοῦ Ἀριστοτελείου Πανεπιστημίου Θεσσαλονίκης προκηρύσσει πρόχειρον μειοδοτικόν διαγωνισμόν διά τήν προμήθειαν. Οἱ ἐνδιαφερόμενοι δύνανται νά λάβουν γνῶσιν τῶν ὅρων εἰς τά γραφεῖα τῆς ὑπηρεσίας, καθ' ἑκάστην ἐργάσιμον ἡμέραν.

Ο πρύτανις Π. Κ. ΧΡΗΣΤΟΥ
ΠΡΟΜΗΘΕΙΑ ΤΗΛΕΦΩΝΙΚΟΥ ΥΛΙΚΟΥ

Ἡ ὑπηρεσία τοῦ Ἀριστοτελείου Πανεπιστημίου Θεσσαλονίκης προκηρύσσει πρόχειρον μειοδοτικόν διαγωνισμόν διά τήν προμήθειαν. Οἱ ἐνδιαφερόμενοι δύνανται νά λάβουν γνῶσιν τῶν ὅρων εἰς τά γραφεῖα τῆς ὑπηρεσίας, καθ' ἑκάστην ἐργάσιμον ἡμέραν.

Ο πρύτανις Π. Κ. ΧΡΗΣΤΟΥ
ΗΛΕΚΤΡΟΛΟΓΙΚΑΙ ΚΑΙ ΥΔΡΑΥΛΙΚΑΙ ΕΓΚΑΤΑΣΤΑΣΕΙΣ ΚΤΙΡΙΟΥ

Ἡ ὑπηρεσία τοῦ Ἀριστοτελείου Πανεπιστημίου Θεσσαλονίκης προκηρύσσει πρόχειρον μειοδοτικόν διαγωνισμόν διά τήν προμήθειαν. Οἱ ἐνδιαφερόμενοι δύνανται νά λάβουν γνῶσιν τῶν ὅρων εἰς τά γραφεῖα τῆς ὑπηρεσίας, καθ' ἑκάστην ἐργάσιμον ἡμέραν.

Ἡ ὑπηρεσία τοῦ Ἀριστοτελείου Πανεπιστημίου Θεσσαλονίκης προκηρύσσει πρόχειρον μειοδοτικόν διαγωνισμόν διά τήν προμήθειαν. Οἱ ἐνδιαφερόμενοι δύνανται νά λάβουν γνῶσιν τῶν ὅρων εἰς τά γραφεῖα τῆς ὑπηρεσίας, καθ' ἑκάστην ἐργάσιμον ἡμέραν.

Ο πρύτανις Π. Κ. ΧΡΗΣΤΟΥ
ΠΡΟΜΗΘΕΙΑ ΕΠΙΣΤΗΜΟΝΙΚΟΥ ΥΛΙΚΟΥ

Ἡ ὑπηρεσία τοῦ Ἀριστοτελείου Πανεπιστημίου Θεσσαλονίκης προκηρύσσει πρόχειρον μειοδοτικόν διαγωνισμόν διά τήν προμήθειαν. Οἱ ἐνδιαφερόμενοι δύνανται νά λάβουν γνῶσιν τῶν ὅρων εἰς τά γραφεῖα τῆς ὑπηρεσίας, καθ' ἑκάστην ἐργάσιμον ἡμέραν.

Ἡ ὑπηρεσία τοῦ Ἀριστοτελείου Πανεπιστημίου Θεσσαλονίκης προκηρύσσει πρόχειρον μειοδοτικόν διαγωνισμόν διά τήν προμήθειαν. Οἱ ἐνδιαφερόμενοι δύνανται νά λάβουν γνῶσιν τῶν ὅρων εἰς τά γραφεῖα τῆς ὑπηρεσίας, καθ' ἑκάστην ἐργάσιμον ἡμέραν.

Ο πρύτανις Π. Κ. ΧΡΗΣΤΟΥ
ΕΚΠΟΙΗΣΙΣ ΕΙΔΩΝ

Ἡ ὑπηρεσία τοῦ Ἀριστοτελείου Πανεπιστημίου Θεσσαλονίκης προκηρύσσει πρόχειρον μειοδοτικόν διαγωνισμόν διά τήν προμήθειαν. Οἱ ἐνδιαφερόμενοι δύνανται νά λάβουν γνῶσιν τῶν ὅρων εἰς τά γραφεῖα τῆς ὑπηρεσίας, καθ' ἑκάστην ἐργάσιμον ἡμέραν.

Ἡ ὑπηρεσία τοῦ Ἀριστοτελείου Πανεπιστημίου Θεσσαλονίκης προκηρύσσει πρόχειρον μειοδοτικόν διαγωνισμόν διά τήν προμήθειαν. Οἱ ἐνδιαφερόμενοι δύνανται νά λάβουν γνῶσιν τῶν ὅρων εἰς τά γραφεῖα τῆς ὑπηρεσίας, καθ' ἑκάστην ἐργάσιμον ἡμέραν.

Ο πρύτανις Π. Κ. ΧΡΗΣΤΟΥ
ΑΕΡΟΣΚΑΦΟΣ ΤΗΣ ΕΒΑ ΔΙΕΣΩΣΕΝ ΕΚ ΒΕΒΑΙΟΥ ΘΑΝΑΤΟΥ ΑΓΓΛΙΔΑ ΤΡΑΥΜΑΤΙΣΘΕΙΣΑΝ ΕΙΣ ΤΡΟΧΑΙΟΝ ΑΤΥΧΗΜΑ
Ο ΒΡΕΤΤΑΝΟΣ ΑΚΟΛΟΥΘΟΣ ΗΥΧΑΡΙΣΤΗΣΕ ΘΕΡΜΩΣ ΤΟ ΓΕΑ
ΤΑ ΠΑΛΑΙΑ ΚΤΙΣΜΑΤΑ ΤΗΣ ΔΙΑΣΤΑΥΡΩΣΕΩΣ ΤΩΝ ΟΔΩΝ ΑΓ. ΣΟΦΙΑΣ ΚΑΙ ΑΓΙΟΥ ΔΗΜΗΤΡΙΟΥ

Αἱ ἐξελίξεις τῶν ὁποίων εἶναι θέμα τῆς ὑπηρεσίας, θεωροῦνται ἀπαραίτητες διά τήν διαπλάτυνσιν τῆς διασταυρώσεως τῶν ὁδῶν Ἀγίας Σοφίας καί Ἁγίου Δημητρίου.

Αἱ ἐξελίξεις τῶν ὁποίων εἶναι θέμα τῆς ὑπηρεσίας, θεωροῦνται ἀπαραίτητες διά τήν διαπλάτυνσιν τῆς διασταυρώσεως τῶν ὁδῶν Ἀγίας Σοφίας καί Ἁγίου Δημητρίου.

Αἱ ἐξελίξεις τῶν ὁποίων εἶναι θέμα τῆς ὑπηρεσίας, θεωροῦνται ἀπαραίτητες διά τήν διαπλάτυνσιν τῆς διασταυρώσεως τῶν ὁδῶν Ἀγίας Σοφίας καί Ἁγίου Δημητρίου.

ΤΕΡΑΣΤΙΟΣ ΠΟΝΤΙΚΟΣ ΕΛΗΣΕΝ ΕΙΣ ΤΗΝ ΧΕΙΡΑ ΚΟΙΜΩΜΕΝΟΝ ΕΣΑΕΤΗ

Εἰς τό νοσοκομεῖον μετεφέρθη ἑξαετές παιδίον τό ὁποῖον ἐδήχθη εἰς τήν χεῖρα ὑπό τεραστίου ποντικοῦ ἐνῷ ἐκοιμᾶτο.

Εἰς τό νοσοκομεῖον μετεφέρθη ἑξαετές παιδίον τό ὁποῖον ἐδήχθη εἰς τήν χεῖρα ὑπό τεραστίου ποντικοῦ ἐνῷ ἐκοιμᾶτο.

ΥΠΟΣΧΕΘΕΙΣ ΓΑΜΟΝ ΤΗΣ ΑΠΕΣΠΑΣΕΝ 26.000 ΔΡΑΧΜΑΣ

ΑΘΗΝΑΙ, 28.— Ὁ Κ. Γ. Γκολφίνος ἀπέσπασεν ὑποσχεθείς γάμον τό ποσόν τῶν 26.000 δραχμῶν.

ΑΘΗΝΑΙ, 28.— Ὁ Κ. Γ. Γκολφίνος ἀπέσπασεν ὑποσχεθείς γάμον τό ποσόν τῶν 26.000 δραχμῶν.

ΑΘΗΝΑΙ, 28.— Ἀεροσκάφος τῆς Ἑλληνικῆς Βασιλικῆς Ἀεροπορίας διέσωσεν ἐκ βεβαίου θανάτου Ἀγγλίδα τραυματισθεῖσαν εἰς τροχαῖον ἀτύχημα. Ὁ Βρεττανός ἀκόλουθος ηὐχαρίστησε θερμῶς τό Γενικόν Ἐπιτελεῖον Ἀεροπορίας.

ΑΘΗΝΑΙ, 28.— Ἀεροσκάφος τῆς Ἑλληνικῆς Βασιλικῆς Ἀεροπορίας διέσωσεν ἐκ βεβαίου θανάτου Ἀγγλίδα τραυματισθεῖσαν εἰς τροχαῖον ἀτύχημα. Ὁ Βρεττανός ἀκόλουθος ηὐχαρίστησε θερμῶς τό Γενικόν Ἐπιτελεῖον Ἀεροπορίας.

ΑΘΗΝΑΙ, 28.— Ἀεροσκάφος τῆς Ἑλληνικῆς Βασιλικῆς Ἀεροπορίας διέσωσεν ἐκ βεβαίου θανάτου Ἀγγλίδα τραυματισθεῖσαν εἰς τροχαῖον ἀτύχημα. Ὁ Βρεττανός ἀκόλουθος ηὐχαρίστησε θερμῶς τό Γενικόν Ἐπιτελεῖον Ἀεροπορίας.

ΑΘΗΝΑΙ, 28.— Ἀεροσκάφος τῆς Ἑλληνικῆς Βασιλικῆς Ἀεροπορίας διέσωσεν ἐκ βεβαίου θανάτου Ἀγγλίδα τραυματισθεῖσαν εἰς τροχαῖον ἀτύχημα. Ὁ Βρεττανός ἀκόλουθος ηὐχαρίστησε θερμῶς τό Γενικόν Ἐπιτελεῖον Ἀεροπορίας.

ΑΘΗΝΑΙ, 28.— Ἀεροσκάφος τῆς Ἑλληνικῆς Βασιλικῆς Ἀεροπορίας διέσωσεν ἐκ βεβαίου θανάτου Ἀγγλίδα τραυματισθεῖσαν εἰς τροχαῖον ἀτύχημα. Ὁ Βρεττανός ἀκόλουθος ηὐχαρίστησε θερμῶς τό Γενικόν Ἐπιτελεῖον Ἀεροπορίας.

ΑΘΗΝΑΙ, 28.— Ἀεροσκάφος τῆς Ἑλληνικῆς Βασιλικῆς Ἀεροπορίας διέσωσεν ἐκ βεβαίου θανάτου Ἀγγλίδα τραυματισθεῖσαν εἰς τροχαῖον ἀτύχημα. Ὁ Βρεττανός ἀκόλουθος ηὐχαρίστησε θερμῶς τό Γενικόν Ἐπιτελεῖον Ἀεροπορίας.

ΜΟΝΟΝ ΑΝ ΟΡΓΑΝΩΘΟΥΝ ΕΙΣ ΟΜΑΔΑΣ ΚΑΤΑ ΚΛΑΔΟΥΣ ΟΙ ΕΛΛΗΝΕΣ ΕΠΑΓΓΕΛΜΑΤΙΑΙ ΚΑΙ ΒΙΟΤΕΧΝΑΙ ΘΑ ΑΝΤΙΜΕΤΩΠΙΣΟΥΝ ΤΑΣ ΜΕΓΑΛΑΣ ΕΠΙΧΕΙΡΗΣΕΙΣ

Μία χαρακτηριστική ἔκθεσις ἀναφέρεται εἰς τήν ἀνάγκην ὀργανώσεως τῶν Ἑλλήνων ἐπαγγελματιῶν καί βιοτεχνῶν εἰς ὁμάδας κατά κλάδους, διά νά ἀντιμετωπίσουν τάς μεγάλας ἐπιχειρήσεις.

Μία χαρακτηριστική ἔκθεσις ἀναφέρεται εἰς τήν ἀνάγκην ὀργανώσεως τῶν Ἑλλήνων ἐπαγγελματιῶν καί βιοτεχνῶν εἰς ὁμάδας κατά κλάδους, διά νά ἀντιμετωπίσουν τάς μεγάλας ἐπιχειρήσεις.

Μία χαρακτηριστική ἔκθεσις ἀναφέρεται εἰς τήν ἀνάγκην ὀργανώσεως τῶν Ἑλλήνων ἐπαγγελματιῶν καί βιοτεχνῶν εἰς ὁμάδας κατά κλάδους, διά νά ἀντιμετωπίσουν τάς μεγάλας ἐπιχειρήσεις.

Μία χαρακτηριστική ἔκθεσις ἀναφέρεται εἰς τήν ἀνάγκην ὀργανώσεως τῶν Ἑλλήνων ἐπαγγελματιῶν καί βιοτεχνῶν εἰς ὁμάδας κατά κλάδους, διά νά ἀντιμετωπίσουν τάς μεγάλας ἐπιχειρήσεις.

Μία χαρακτηριστική ἔκθεσις ἀναφέρεται εἰς τήν ἀνάγκην ὀργανώσεως τῶν Ἑλλήνων ἐπαγγελματιῶν καί βιοτεχνῶν εἰς ὁμάδας κατά κλάδους, διά νά ἀντιμετωπίσουν τάς μεγάλας ἐπιχειρήσεις.

Γ. ΒΑΣΙΛΕΙΑΔΗΣ Ἐπίτιμος Πρόεδρος
ΠΡΟΣΚΛΗΣΙΣ ΦΟΙΤΗΤΩΝ ΤΗΣ ΒΙΟΜΗΧΑΝΙΚΗΣ
ΟΜΙΛΙΑ ΤΑΞΙΑΡΧΟΥ ΠΡΟΣ ΤΟΥΣ ΚΑΤΟΙΚΟΥΣ ΤΩΝ ΓΙΑΝΝΙΤΣΩΝ

ΓΙΑΝΝΙΤΣΑ, 28.— Ὡμίλησεν ὁ ταξίαρχος πρός τούς κατοίκους τῶν Γιαννιτσῶν.

ΓΙΑΝΝΙΤΣΑ, 28.— Ὡμίλησεν ὁ ταξίαρχος πρός τούς κατοίκους τῶν Γιαννιτσῶν.

ΓΙΑΝΝΙΤΣΑ, 28.— Ὡμίλησεν ὁ ταξίαρχος πρός τούς κατοίκους τῶν Γιαννιτσῶν.

ΘΕΡΙΝΑ ΜΑΘΗΜΑΤΑ ΓΑΛΛΙΚΗΣ ΓΛΩΣΣΗΣ

Εἰς τό Γαλλικόν Ἰνστιτοῦτον διοργανώνονται θερινά μαθήματα γαλλικῆς γλώσσης.

Εἰς τό Γαλλικόν Ἰνστιτοῦτον διοργανώνονται θερινά μαθήματα γαλλικῆς γλώσσης.

Εἰς τό Γαλλικόν Ἰνστιτοῦτον διοργανώνονται θερινά μαθήματα γαλλικῆς γλώσσης.

Η ΚΙΝΗΣΙΣ ΤΩΝ ΕΡΓΑΤΙΚΩΝ ΟΡΓΑΝΩΣΕΩΝ

Κατά τήν ἑβδομάδα τά ἐργατικά σωματεῖα προέβησαν εἰς τάς ἐκλογάς διοικητικῶν συμβουλίων. Ἀνεκοινώθησαν αἱ κάτωθι ἐκλογαί συμβουλίων.

Κατά τήν ἑβδομάδα τά ἐργατικά σωματεῖα προέβησαν εἰς τάς ἐκλογάς διοικητικῶν συμβουλίων. Ἀνεκοινώθησαν αἱ κάτωθι ἐκλογαί συμβουλίων.

Κατά τήν ἑβδομάδα τά ἐργατικά σωματεῖα προέβησαν εἰς τάς ἐκλογάς διοικητικῶν συμβουλίων. Ἀνεκοινώθησαν αἱ κάτωθι ἐκλογαί συμβουλίων.

Κατά τήν ἑβδομάδα τά ἐργατικά σωματεῖα προέβησαν εἰς τάς ἐκλογάς διοικητικῶν συμβουλίων. Ἀνεκοινώθησαν αἱ κάτωθι ἐκλογαί συμβουλίων.

Κατά τήν ἑβδομάδα τά ἐργατικά σωματεῖα προέβησαν εἰς τάς ἐκλογάς διοικητικῶν συμβουλίων. Ἀνεκοινώθησαν αἱ κάτωθι ἐκλογαί συμβουλίων.

Κατά τήν ἑβδομάδα τά ἐργατικά σωματεῖα προέβησαν εἰς τάς ἐκλογάς διοικητικῶν συμβουλίων. Ἀνεκοινώθησαν αἱ κάτωθι ἐκλογαί συμβουλίων.

ΟΙ ΙΑΤΡΟΙ ΤΗΣ ΘΕΣΣΑΛΟΝΙΚΗΣ
Ο νευρολόγος
ΝΙΚ. ΠΑΝΤΟΥΚΑΣ
Ἐγνατίας 137 — Τηλ. 23-377, 84-230
Ο καρδιολόγος
Κ. ΠΑΠΑΣΤΑΧΑΡΙΟΥ
Δωδεκανήσου 14 — Τηλ. 27-518
ΔΡ ΣΤΑΥΡΟΣ Γ. ΚΑΠΕΤΑΝΑΚΗΣ
ΝΕΥΡΟΛΟΓΟΣ - ΨΥΧΙΑΤΡΟΣ
Βασ. Ἡρακλείου 51 — Τηλ. 27-649
ΛΑΜΠΡΟΣ Α. ΠΟΛΙΤΗΣ
ΧΕΙΡΟΥΡΓΟΣ ΓΥΝΑΙΚΟΛΟΓΟΣ
Ἐγνατίας 132 — Τηλ. 23-114
ΑΠΟΣΤΟΛΟΣ ΒΟΖΙΚΗΣ
ΓΥΝΑΙΚΟΛΟΓΟΣ — ΜΑΙΕΥΤΗΡ
Τηλ. 36-498
ΒΑΣΟΣ ΖΑΧΑΡΙΑΔΗΣ
ΙΑΤΡΟΣ
Καλαπόθακη 16 — Τηλ. 20-537
ΔΡ ΧΡΗΣΤΟΣ ΣΤΕΦΑΝΟΥ
ΧΕΙΡΟΥΡΓΟΣ — ΟΥΡΟΛΟΓΟΣ
Ἐγνατίας 96 — Τηλ. 28-211
ΤΖΙΜΟΥΡΔΑΝΑΣ ΣΠΥΡΑΤΗΣ
ΧΕΙΡΟΥΡΓΟΣ
Ἐγνατίας 98 — Τηλ. 22-511
ΜΙΝΑΣ Γ. ΒΕΡΓΗΣ
ΩΤΟΡΙΝΟΛΑΡΥΓΓΟΛΟΓΟΣ
Παύλου Μελά 3 — Τηλ. 22-937
ΑΝΤΩΝΙΟΣ ΚΑΡΑΔΑΜΑΚΗΣ
ΙΑΤΡΟΣ
Τηλ. 27-422
ΣΙΔΕΡΗΣ Ν. ΠΑΠΑΣΟΦΑΣ
ΧΕΙΡΟΥΡΓΟΣ
Τηλ. 48-702
ΑΣΦΑΛΕΙΑΙ
ΑΝΑΓΝΩΣΤΟΥ
ΟΛΥΜΠΙΑΚΗ
ΑΣΠΙΣ-ΠΡΟΝΟΙΑ
ΘΕΣΣΑΛΟΝΙΚΗ ΒΕΝΙΖΕΛΟΥ 4 • ΤΗΛ. 72.275 • 25.360 • 23.433 • 55.348
